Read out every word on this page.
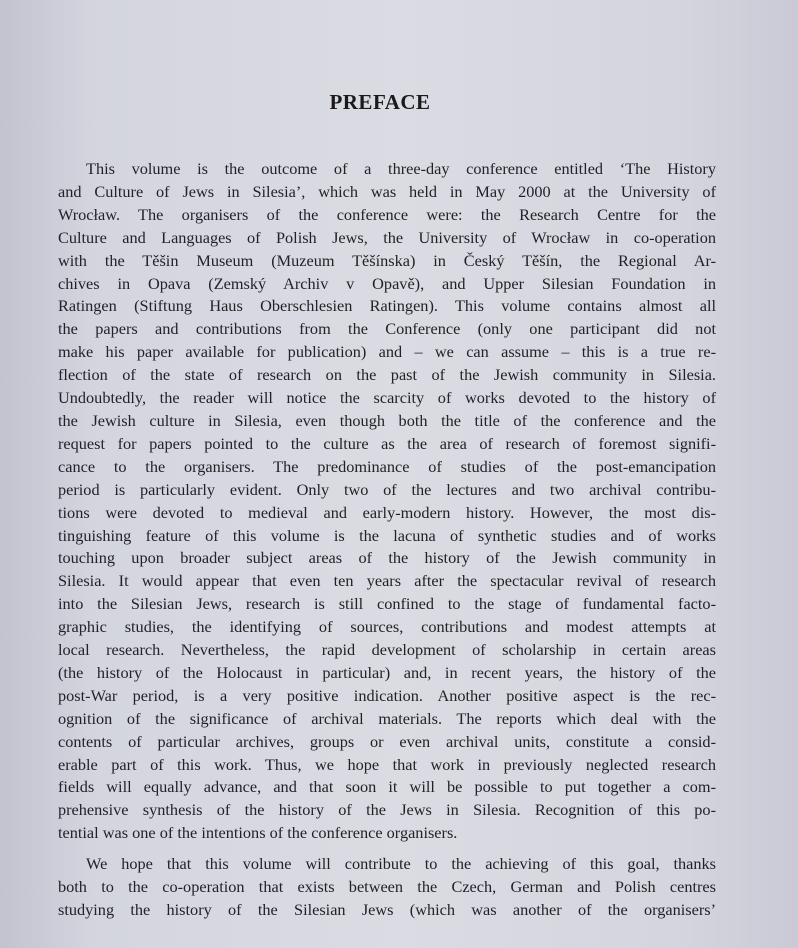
PREFACE
This volume is the outcome of a three-day conference entitled ‘The History
and Culture of Jews in Silesia’, which was held in May 2000 at the University of
Wrocław. The organisers of the conference were: the Research Centre for the
Culture and Languages of Polish Jews, the University of Wrocław in co-operation
with the Těšin Museum (Muzeum Těšínska) in Český Těšín, the Regional Ar-
chives in Opava (Zemský Archiv v Opavě), and Upper Silesian Foundation in
Ratingen (Stiftung Haus Oberschlesien Ratingen). This volume contains almost all
the papers and contributions from the Conference (only one participant did not
make his paper available for publication) and – we can assume – this is a true re-
flection of the state of research on the past of the Jewish community in Silesia.
Undoubtedly, the reader will notice the scarcity of works devoted to the history of
the Jewish culture in Silesia, even though both the title of the conference and the
request for papers pointed to the culture as the area of research of foremost signifi-
cance to the organisers. The predominance of studies of the post-emancipation
period is particularly evident. Only two of the lectures and two archival contribu-
tions were devoted to medieval and early-modern history. However, the most dis-
tinguishing feature of this volume is the lacuna of synthetic studies and of works
touching upon broader subject areas of the history of the Jewish community in
Silesia. It would appear that even ten years after the spectacular revival of research
into the Silesian Jews, research is still confined to the stage of fundamental facto-
graphic studies, the identifying of sources, contributions and modest attempts at
local research. Nevertheless, the rapid development of scholarship in certain areas
(the history of the Holocaust in particular) and, in recent years, the history of the
post-War period, is a very positive indication. Another positive aspect is the rec-
ognition of the significance of archival materials. The reports which deal with the
contents of particular archives, groups or even archival units, constitute a consid-
erable part of this work. Thus, we hope that work in previously neglected research
fields will equally advance, and that soon it will be possible to put together a com-
prehensive synthesis of the history of the Jews in Silesia. Recognition of this po-
tential was one of the intentions of the conference organisers.
We hope that this volume will contribute to the achieving of this goal, thanks
both to the co-operation that exists between the Czech, German and Polish centres
studying the history of the Silesian Jews (which was another of the organisers’
